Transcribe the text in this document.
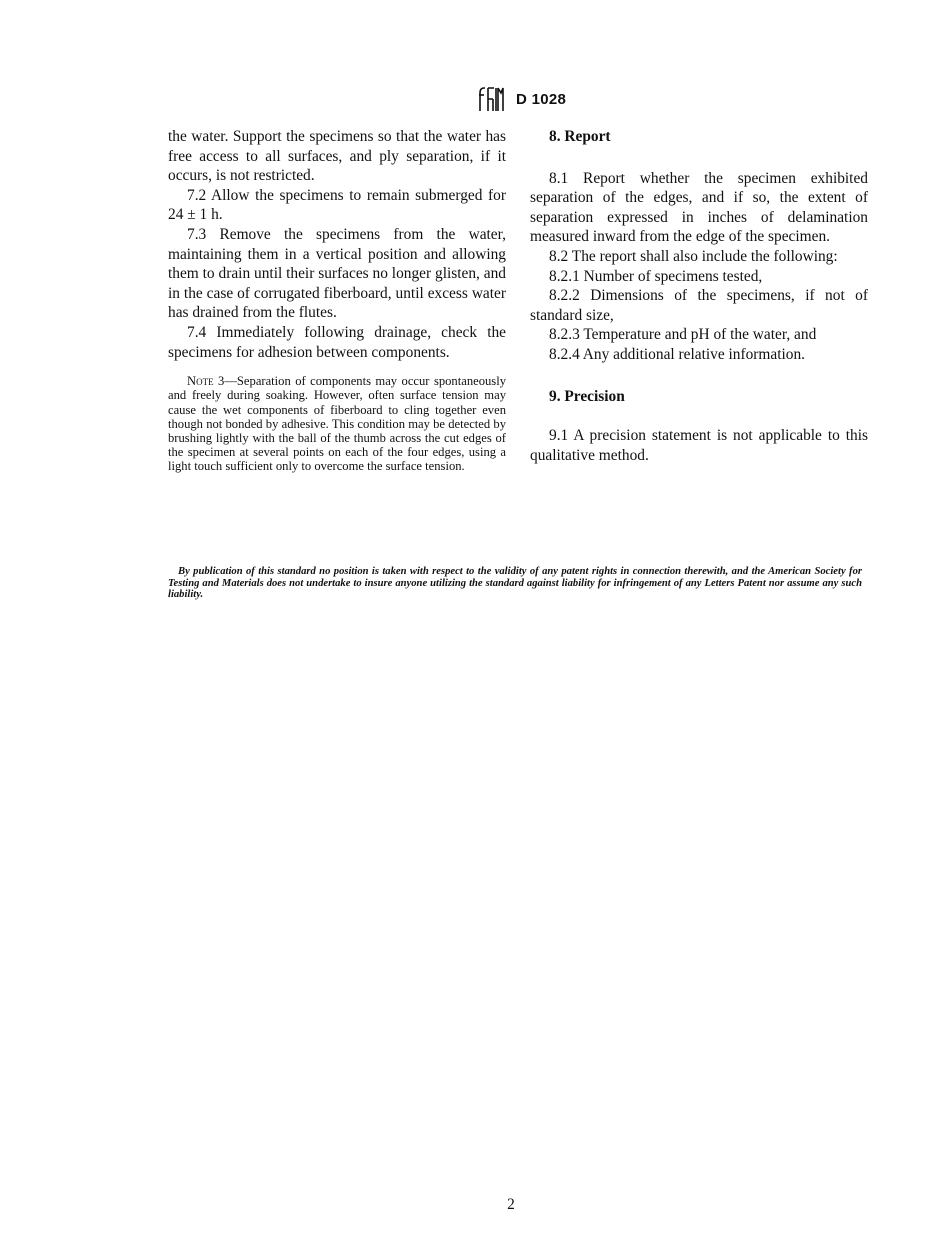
D 1028

the water. Support the specimens so that the water has free access to all surfaces, and ply separation, if it occurs, is not restricted.

7.2 Allow the specimens to remain submerged for 24 ± 1 h.

7.3 Remove the specimens from the water, maintaining them in a vertical position and allowing them to drain until their surfaces no longer glisten, and in the case of corrugated fiberboard, until excess water has drained from the flutes.

7.4 Immediately following drainage, check the specimens for adhesion between components.

Note 3—Separation of components may occur spontaneously and freely during soaking. However, often surface tension may cause the wet components of fiberboard to cling together even though not bonded by adhesive. This condition may be detected by brushing lightly with the ball of the thumb across the cut edges of the specimen at several points on each of the four edges, using a light touch sufficient only to overcome the surface tension.

8. Report

8.1 Report whether the specimen exhibited separation of the edges, and if so, the extent of separation expressed in inches of delamination measured inward from the edge of the specimen.

8.2 The report shall also include the following:

8.2.1 Number of specimens tested,

8.2.2 Dimensions of the specimens, if not of standard size,

8.2.3 Temperature and pH of the water, and

8.2.4 Any additional relative information.

9. Precision

9.1 A precision statement is not applicable to this qualitative method.

By publication of this standard no position is taken with respect to the validity of any patent rights in connection therewith, and the American Society for Testing and Materials does not undertake to insure anyone utilizing the standard against liability for infringement of any Letters Patent nor assume any such liability.
2
